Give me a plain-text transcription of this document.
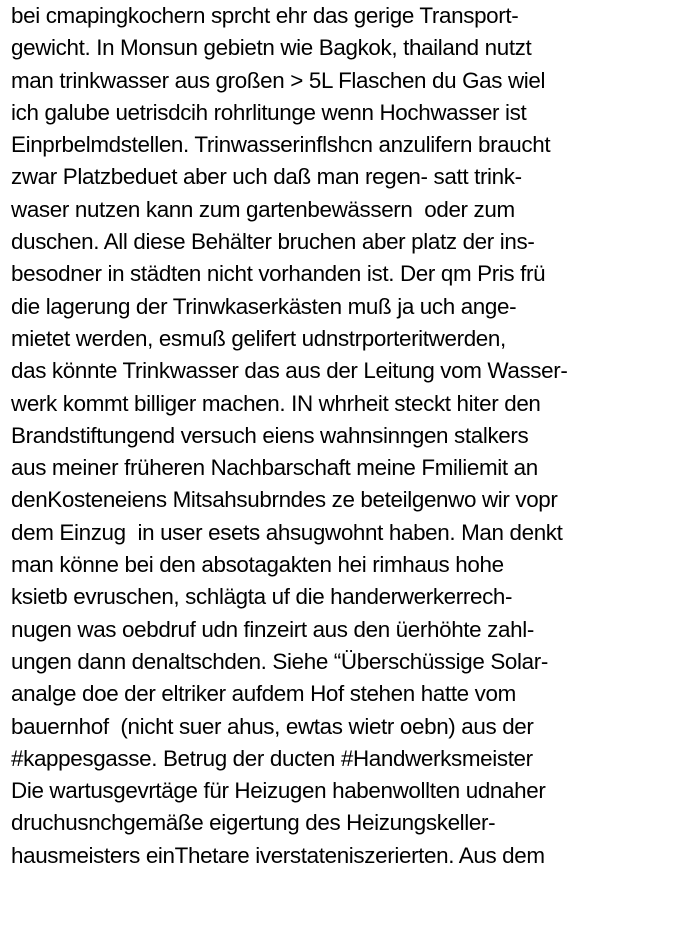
bei cmapingkochern sprcht ehr das gerige Transport-
gewicht. In Monsun gebietn wie Bagkok, thailand nutzt
man trinkwasser aus großen > 5L Flaschen du Gas wiel
ich galube uetrisdcih rohrlitunge wenn Hochwasser ist
Einprbelmdstellen. Trinwasserinflshcn anzulifern braucht
zwar Platzbeduet aber uch daß man regen- satt trink-
waser nutzen kann zum gartenbewässern  oder zum
duschen. All diese Behälter bruchen aber platz der ins-
besodner in städten nicht vorhanden ist. Der qm Pris frü
die lagerung der Trinwkaserkästen muß ja uch ange-
mietet werden, esmuß gelifert udnstrporteritwerden,
das könnte Trinkwasser das aus der Leitung vom Wasser-
werk kommt billiger machen. IN whrheit steckt hiter den
Brandstiftungend versuch eiens wahnsinngen stalkers
aus meiner früheren Nachbarschaft meine Fmiliemit an
denKosteneiens Mitsahsubrndes ze beteilgenwo wir vopr
dem Einzug  in user esets ahsugwohnt haben. Man denkt
man könne bei den absotagakten hei rimhaus hohe
ksietb evruschen, schlägta uf die handerwerkerrech-
nugen was oebdruf udn finzeirt aus den üerhöhte zahl-
ungen dann denaltschden. Siehe “Überschüssige Solar-
analge doe der eltriker aufdem Hof stehen hatte vom
bauernhof  (nicht suer ahus, ewtas wietr oebn) aus der
#kappesgasse. Betrug der ducten #Handwerksmeister
Die wartusgevrtäge für Heizugen habenwollten udnaher
druchusnchgemäße eigertung des Heizungskeller-
hausmeisters einThetare iverstateniszerierten. Aus dem
